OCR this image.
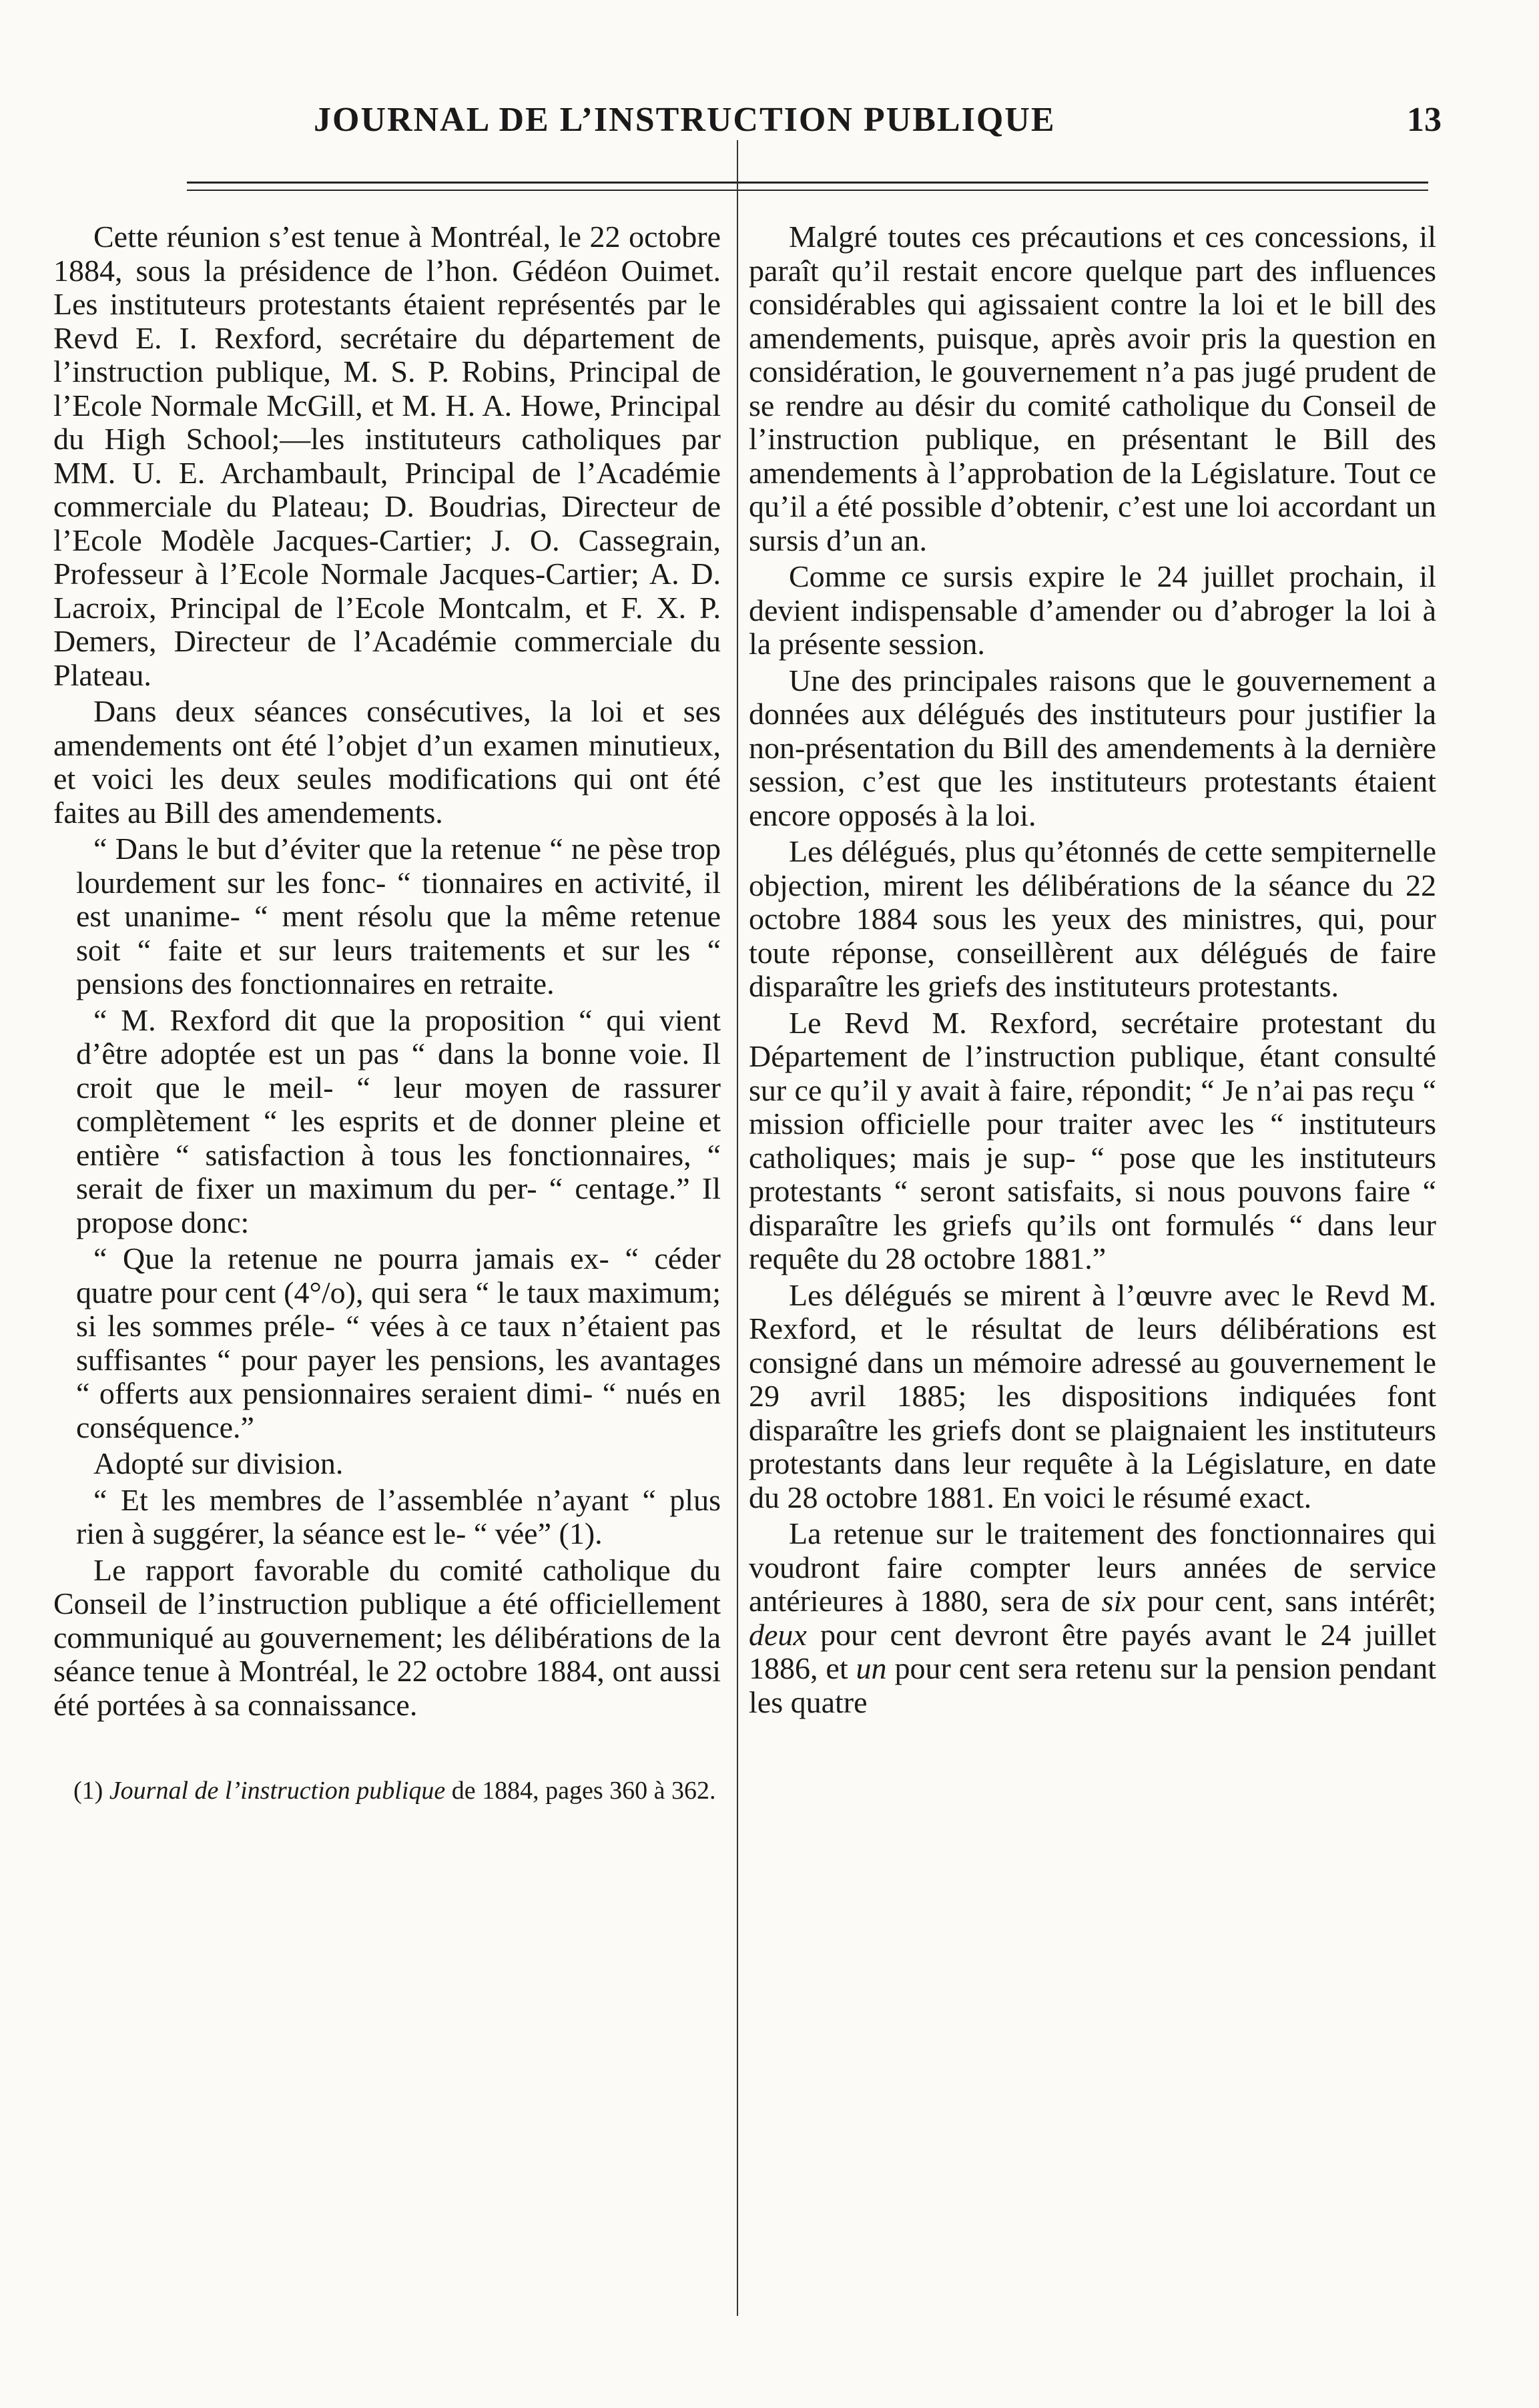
JOURNAL DE L’INSTRUCTION PUBLIQUE	13

Cette réunion s’est tenue à Montréal, le 22 octobre 1884, sous la présidence de l’hon. Gédéon Ouimet. Les instituteurs protestants étaient représentés par le Revd E. I. Rexford, secrétaire du département de l’instruction publique, M. S. P. Robins, Principal de l’Ecole Normale McGill, et M. H. A. Howe, Principal du High School;—les instituteurs catholiques par MM. U. E. Archambault, Principal de l’Académie commerciale du Plateau; D. Boudrias, Directeur de l’Ecole Modèle Jacques-Cartier; J. O. Cassegrain, Professeur à l’Ecole Normale Jacques-Cartier; A. D. Lacroix, Principal de l’Ecole Montcalm, et F. X. P. Demers, Directeur de l’Académie commerciale du Plateau.

Dans deux séances consécutives, la loi et ses amendements ont été l’objet d’un examen minutieux, et voici les deux seules modifications qui ont été faites au Bill des amendements.

“ Dans le but d’éviter que la retenue “ ne pèse trop lourdement sur les fonc- “ tionnaires en activité, il est unanime- “ ment résolu que la même retenue soit “ faite et sur leurs traitements et sur les “ pensions des fonctionnaires en retraite.

“ M. Rexford dit que la proposition “ qui vient d’être adoptée est un pas “ dans la bonne voie. Il croit que le meil- “ leur moyen de rassurer complètement “ les esprits et de donner pleine et entière “ satisfaction à tous les fonctionnaires, “ serait de fixer un maximum du per- “ centage.” Il propose donc:

“ Que la retenue ne pourra jamais ex- “ céder quatre pour cent (4°/o), qui sera “ le taux maximum; si les sommes préle- “ vées à ce taux n’étaient pas suffisantes “ pour payer les pensions, les avantages “ offerts aux pensionnaires seraient dimi- “ nués en conséquence.”

Adopté sur division.

“ Et les membres de l’assemblée n’ayant “ plus rien à suggérer, la séance est le- “ vée” (1).

Le rapport favorable du comité catholique du Conseil de l’instruction publique a été officiellement communiqué au gouvernement; les délibérations de la séance tenue à Montréal, le 22 octobre 1884, ont aussi été portées à sa connaissance.

(1) Journal de l’instruction publique de 1884, pages 360 à 362.

Malgré toutes ces précautions et ces concessions, il paraît qu’il restait encore quelque part des influences considérables qui agissaient contre la loi et le bill des amendements, puisque, après avoir pris la question en considération, le gouvernement n’a pas jugé prudent de se rendre au désir du comité catholique du Conseil de l’instruction publique, en présentant le Bill des amendements à l’approbation de la Législature. Tout ce qu’il a été possible d’obtenir, c’est une loi accordant un sursis d’un an.

Comme ce sursis expire le 24 juillet prochain, il devient indispensable d’amender ou d’abroger la loi à la présente session.

Une des principales raisons que le gouvernement a données aux délégués des instituteurs pour justifier la non-présentation du Bill des amendements à la dernière session, c’est que les instituteurs protestants étaient encore opposés à la loi.

Les délégués, plus qu’étonnés de cette sempiternelle objection, mirent les délibérations de la séance du 22 octobre 1884 sous les yeux des ministres, qui, pour toute réponse, conseillèrent aux délégués de faire disparaître les griefs des instituteurs protestants.

Le Revd M. Rexford, secrétaire protestant du Département de l’instruction publique, étant consulté sur ce qu’il y avait à faire, répondit; “ Je n’ai pas reçu “ mission officielle pour traiter avec les “ instituteurs catholiques; mais je sup- “ pose que les instituteurs protestants “ seront satisfaits, si nous pouvons faire “ disparaître les griefs qu’ils ont formulés “ dans leur requête du 28 octobre 1881.”

Les délégués se mirent à l’œuvre avec le Revd M. Rexford, et le résultat de leurs délibérations est consigné dans un mémoire adressé au gouvernement le 29 avril 1885; les dispositions indiquées font disparaître les griefs dont se plaignaient les instituteurs protestants dans leur requête à la Législature, en date du 28 octobre 1881. En voici le résumé exact.

La retenue sur le traitement des fonctionnaires qui voudront faire compter leurs années de service antérieures à 1880, sera de six pour cent, sans intérêt; deux pour cent devront être payés avant le 24 juillet 1886, et un pour cent sera retenu sur la pension pendant les quatre
